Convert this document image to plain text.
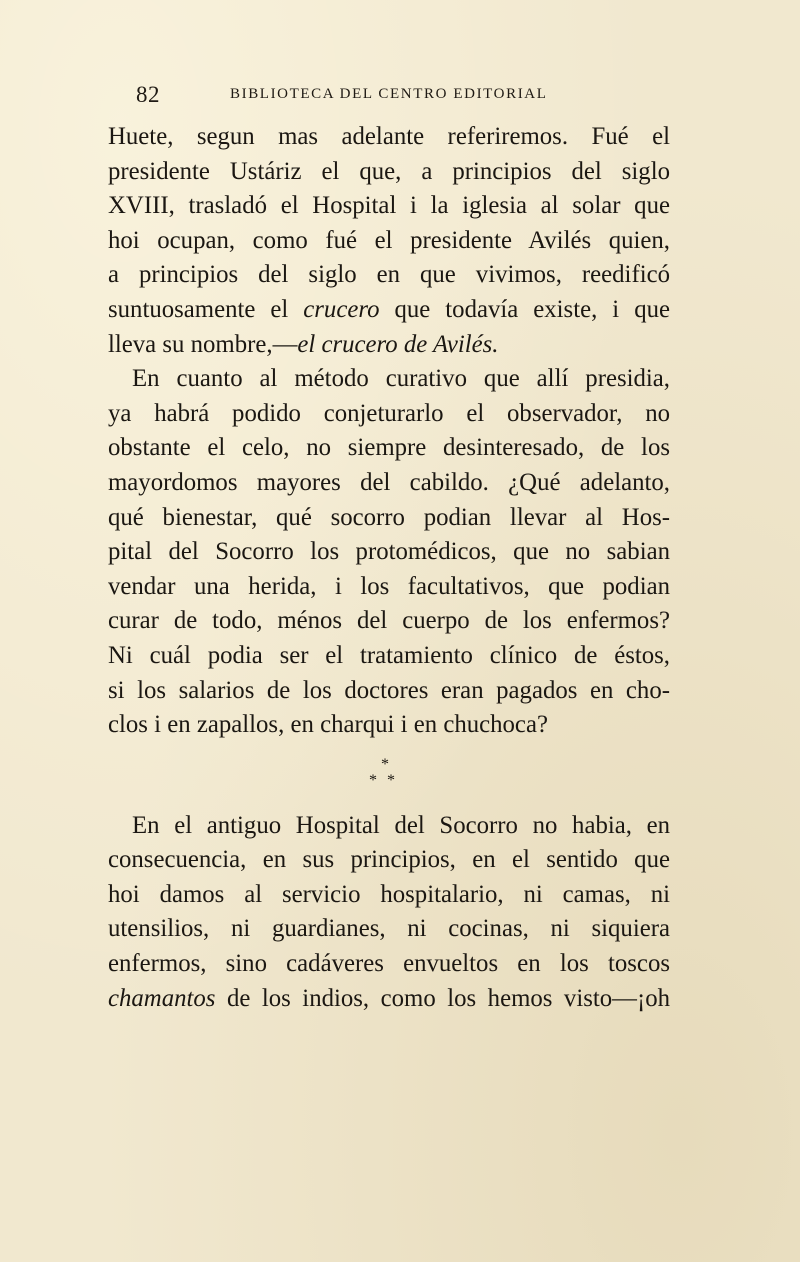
82	BIBLIOTECA DEL CENTRO EDITORIAL

Huete, segun mas adelante referiremos. Fué el
presidente Ustáriz el que, a principios del siglo
XVIII, trasladó el Hospital i la iglesia al solar que
hoi ocupan, como fué el presidente Avilés quien,
a principios del siglo en que vivimos, reedificó
suntuosamente el crucero que todavía existe, i que
lleva su nombre,—el crucero de Avilés.

En cuanto al método curativo que allí presidia,
ya habrá podido conjeturarlo el observador, no
obstante el celo, no siempre desinteresado, de los
mayordomos mayores del cabildo. ¿Qué adelanto,
qué bienestar, qué socorro podian llevar al Hos-
pital del Socorro los protomédicos, que no sabian
vendar una herida, i los facultativos, que podian
curar de todo, ménos del cuerpo de los enfermos?
Ni cuál podia ser el tratamiento clínico de éstos,
si los salarios de los doctores eran pagados en cho-
clos i en zapallos, en charqui i en chuchoca?

*
**

En el antiguo Hospital del Socorro no habia, en
consecuencia, en sus principios, en el sentido que
hoi damos al servicio hospitalario, ni camas, ni
utensilios, ni guardianes, ni cocinas, ni siquiera
enfermos, sino cadáveres envueltos en los toscos
chamantos de los indios, como los hemos visto—¡oh
